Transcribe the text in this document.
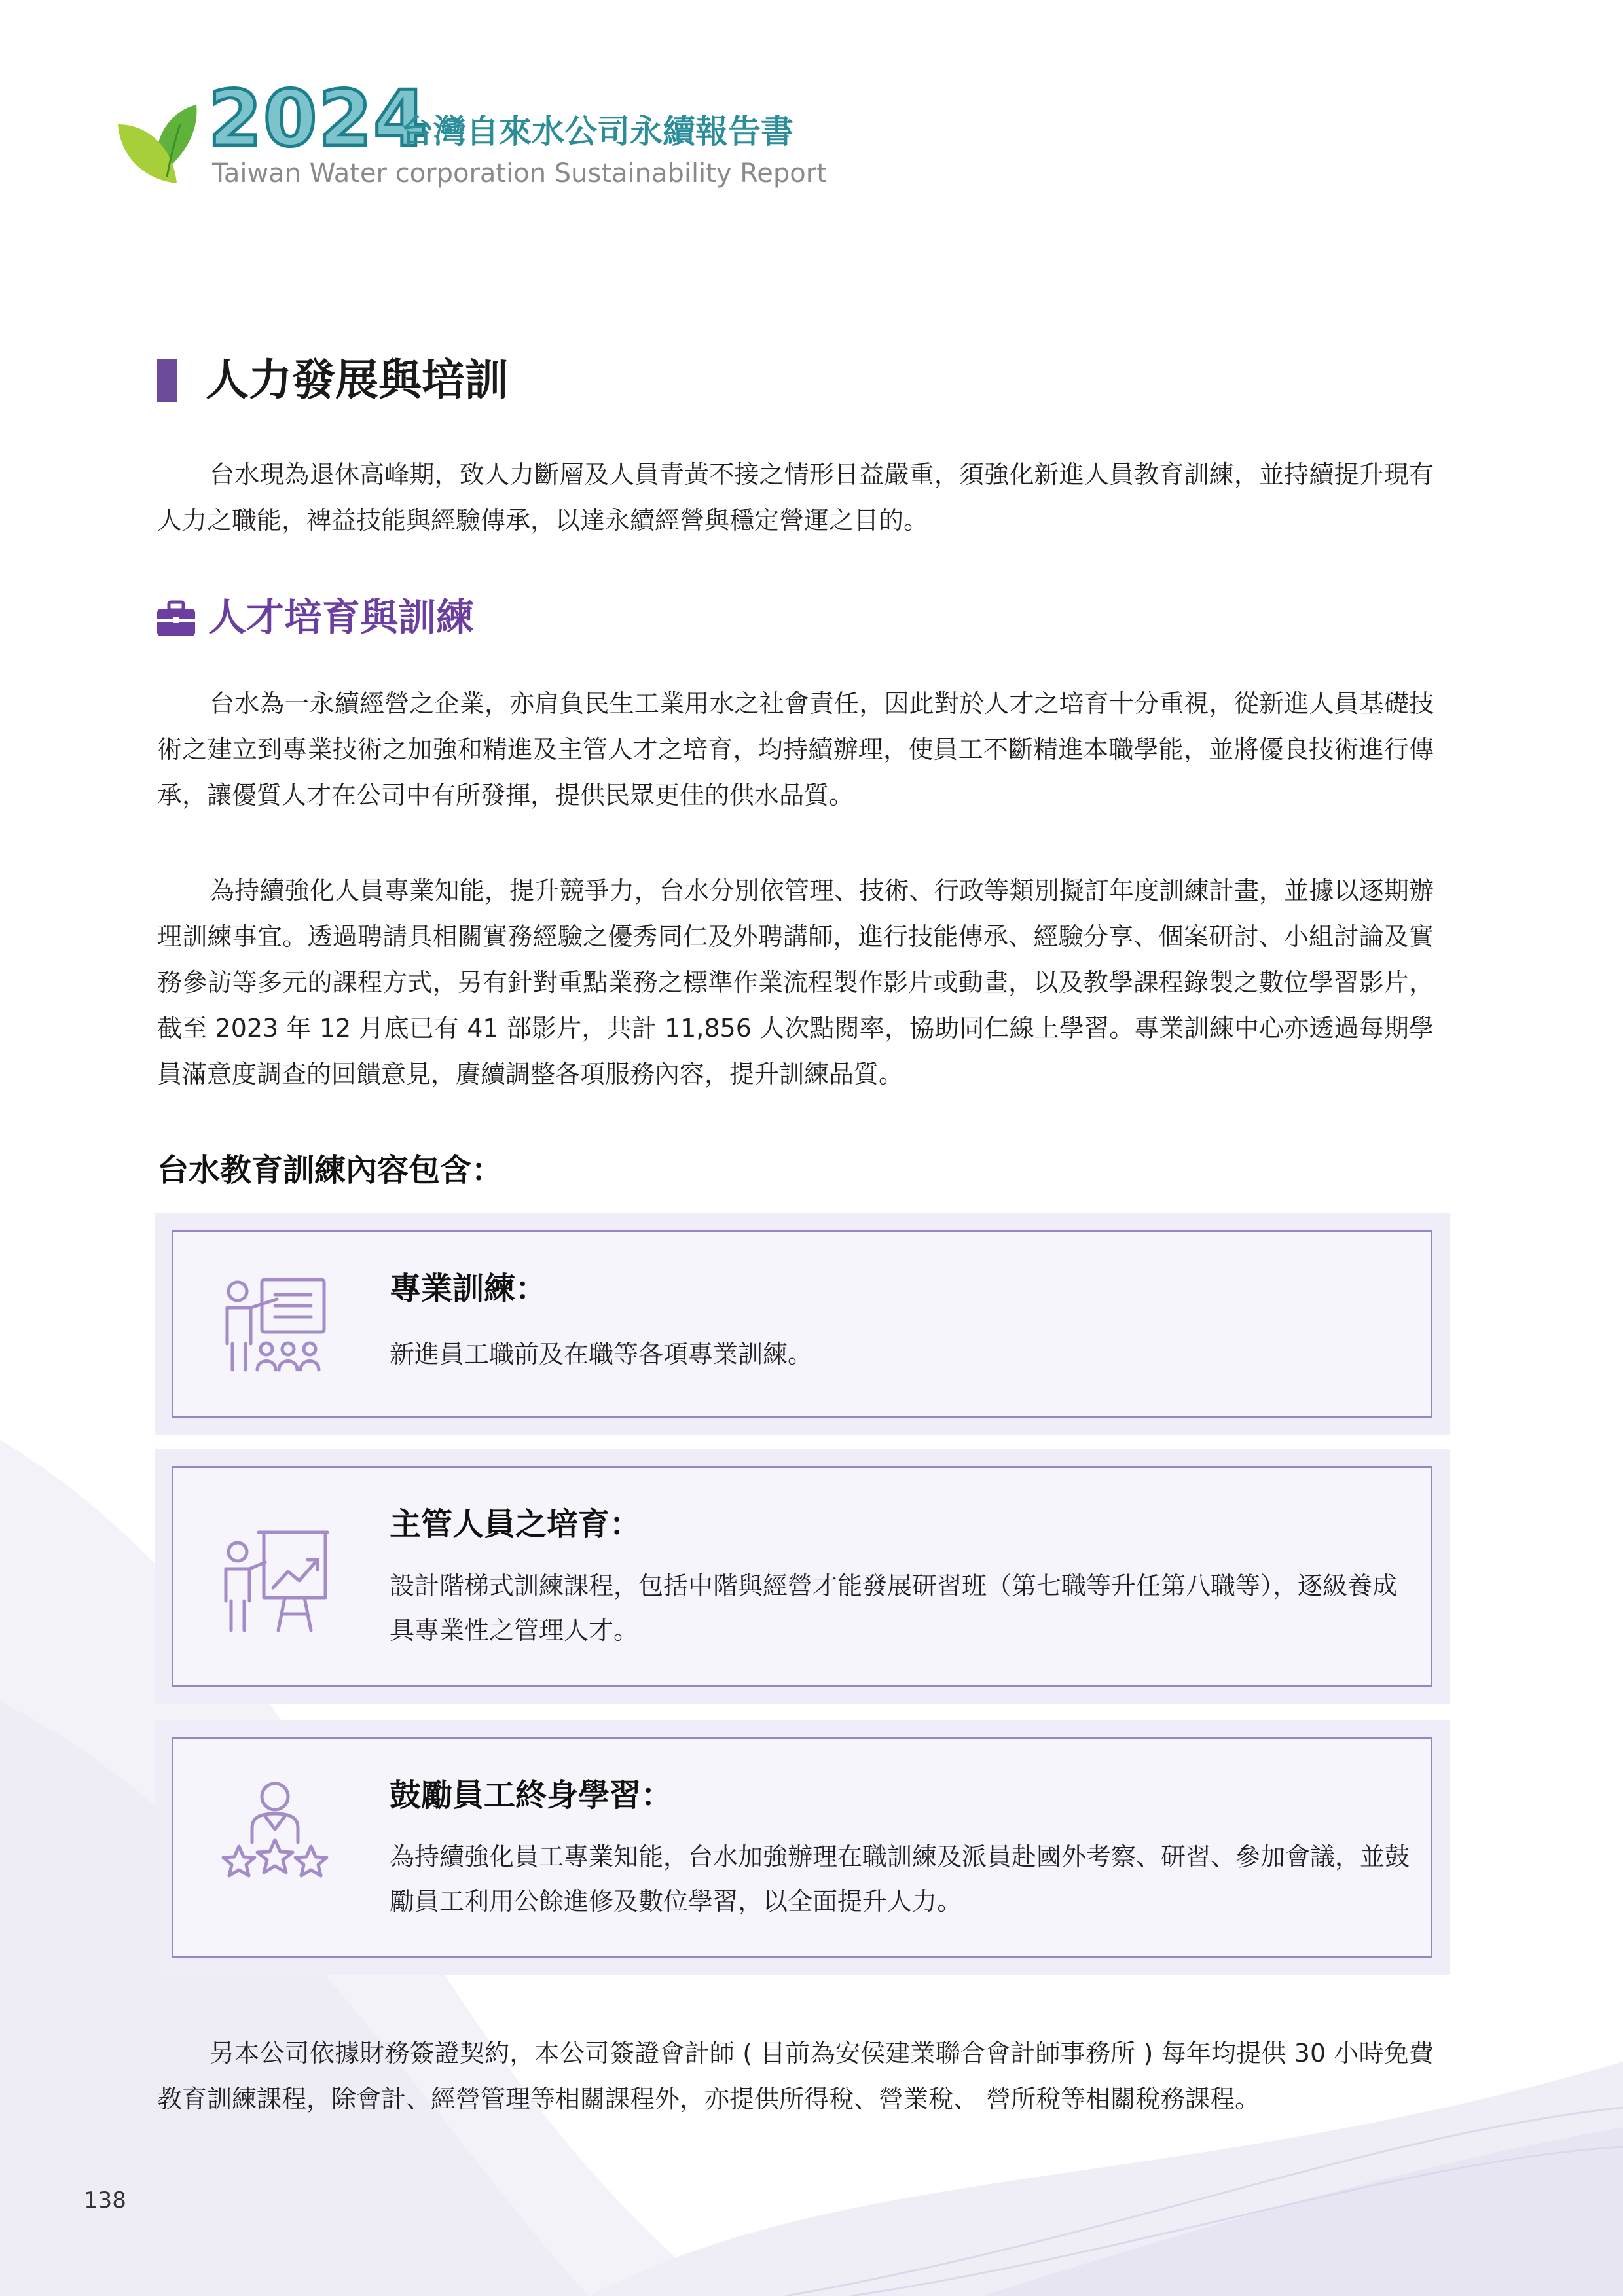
2024
台灣自來水公司永續報告書
Taiwan Water corporation Sustainability Report
人力發展與培訓

台水現為退休高峰期，致人力斷層及人員青黃不接之情形日益嚴重，須強化新進人員教育訓練，並持續提升現有人力之職能，裨益技能與經驗傳承，以達永續經營與穩定營運之目的。

人才培育與訓練

台水為一永續經營之企業，亦肩負民生工業用水之社會責任，因此對於人才之培育十分重視，從新進人員基礎技術之建立到專業技術之加強和精進及主管人才之培育，均持續辦理，使員工不斷精進本職學能，並將優良技術進行傳承，讓優質人才在公司中有所發揮，提供民眾更佳的供水品質。

為持續強化人員專業知能，提升競爭力，台水分別依管理、技術、行政等類別擬訂年度訓練計畫，並據以逐期辦理訓練事宜。透過聘請具相關實務經驗之優秀同仁及外聘講師，進行技能傳承、經驗分享、個案研討、小組討論及實務參訪等多元的課程方式，另有針對重點業務之標準作業流程製作影片或動畫，以及教學課程錄製之數位學習影片，截至 2023 年 12 月底已有 41 部影片，共計 11,856 人次點閱率，協助同仁線上學習。專業訓練中心亦透過每期學員滿意度調查的回饋意見，賡續調整各項服務內容，提升訓練品質。

台水教育訓練內容包含：
專業訓練：

新進員工職前及在職等各項專業訓練。

主管人員之培育：

設計階梯式訓練課程，包括中階與經營才能發展研習班（第七職等升任第八職等），逐級養成具專業性之管理人才。

鼓勵員工終身學習：

為持續強化員工專業知能，台水加強辦理在職訓練及派員赴國外考察、研習、參加會議，並鼓勵員工利用公餘進修及數位學習，以全面提升人力。

另本公司依據財務簽證契約，本公司簽證會計師 ( 目前為安侯建業聯合會計師事務所 ) 每年均提供 30 小時免費教育訓練課程，除會計、經營管理等相關課程外，亦提供所得稅、營業稅、 營所稅等相關稅務課程。

138
